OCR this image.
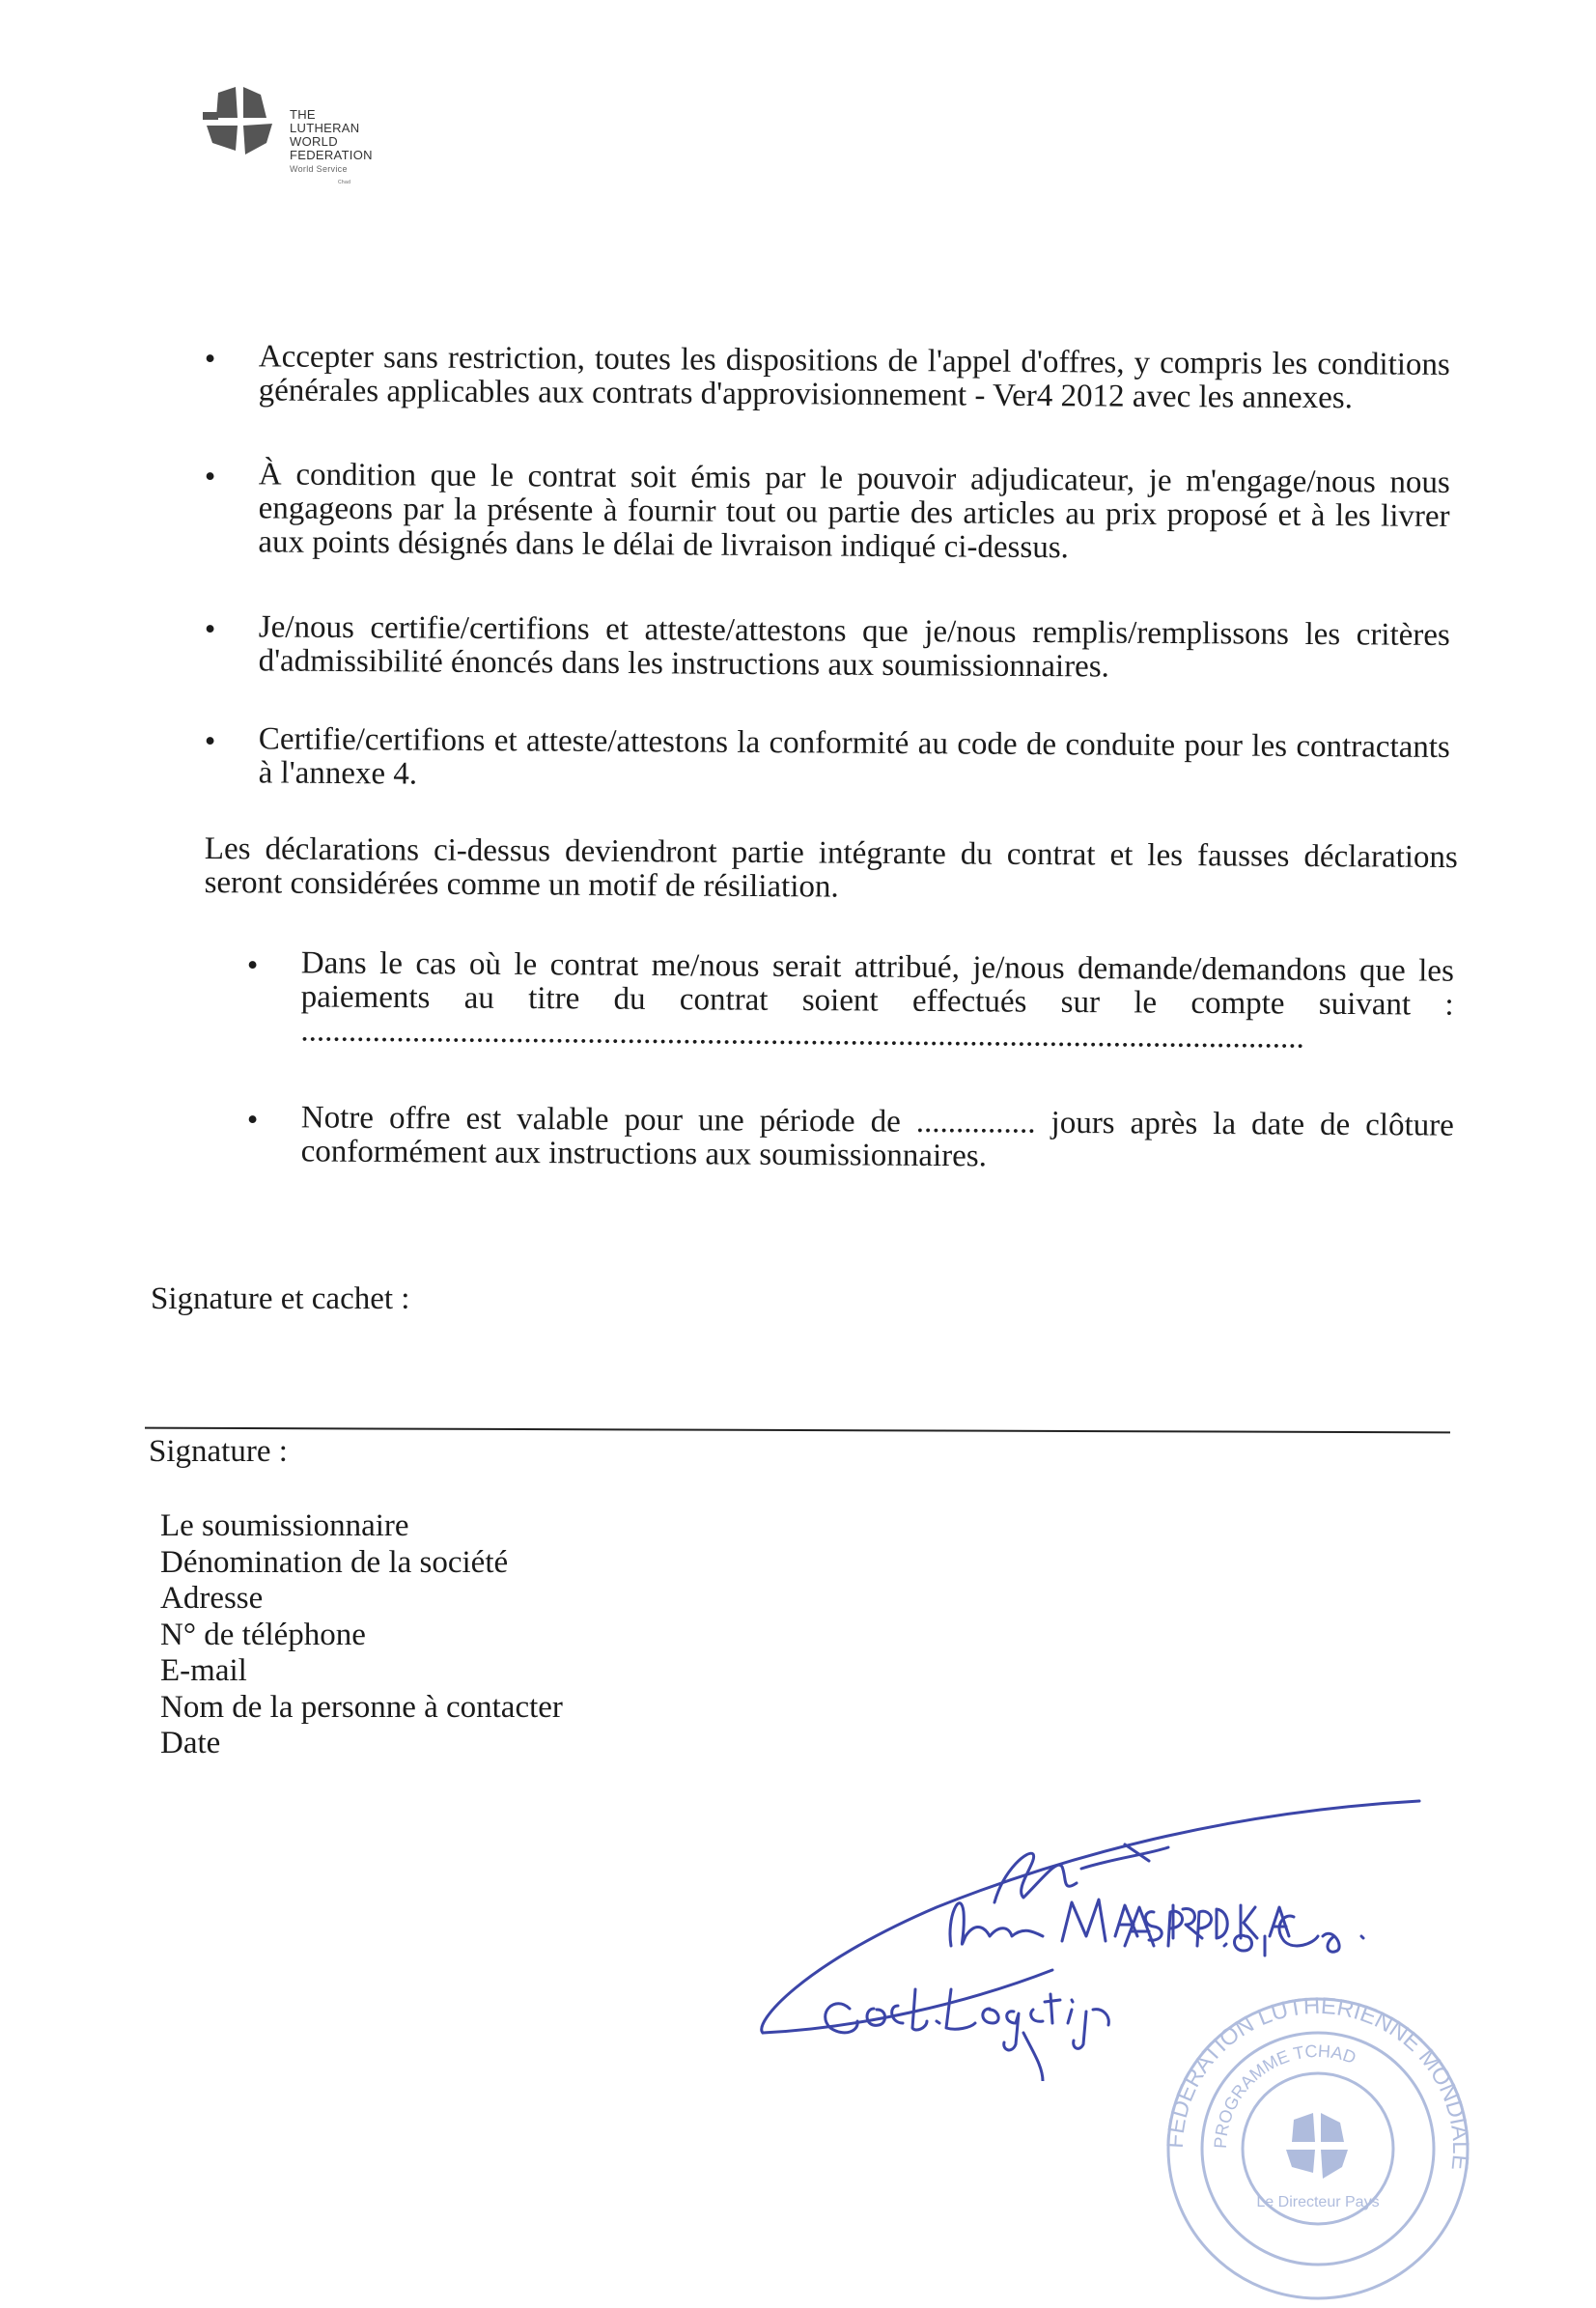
THE
LUTHERAN
WORLD
FEDERATION
World Service
Chad
• Accepter sans restriction, toutes les dispositions de l'appel d'offres, y compris les conditions générales applicables aux contrats d'approvisionnement - Ver4 2012 avec les annexes.
• À condition que le contrat soit émis par le pouvoir adjudicateur, je m'engage/nous nous engageons par la présente à fournir tout ou partie des articles au prix proposé et à les livrer aux points désignés dans le délai de livraison indiqué ci-dessus.
• Je/nous certifie/certifions et atteste/attestons que je/nous remplis/remplissons les critères d'admissibilité énoncés dans les instructions aux soumissionnaires.
• Certifie/certifions et atteste/attestons la conformité au code de conduite pour les contractants à l'annexe 4.
Les déclarations ci-dessus deviendront partie intégrante du contrat et les fausses déclarations seront considérées comme un motif de résiliation.
• Dans le cas où le contrat me/nous serait attribué, je/nous demande/demandons que les paiements au titre du contrat soient effectués sur le compte suivant : ..............................................................................................................................
• Notre offre est valable pour une période de ............... jours après la date de clôture conformément aux instructions aux soumissionnaires.
Signature et cachet :
Signature :
Le soumissionnaire
Dénomination de la société
Adresse
N° de téléphone
E-mail
Nom de la personne à contacter
Date
FEDERATION LUTHERIENNE MONDIALE
PROGRAMME TCHAD
Le Directeur Pays
